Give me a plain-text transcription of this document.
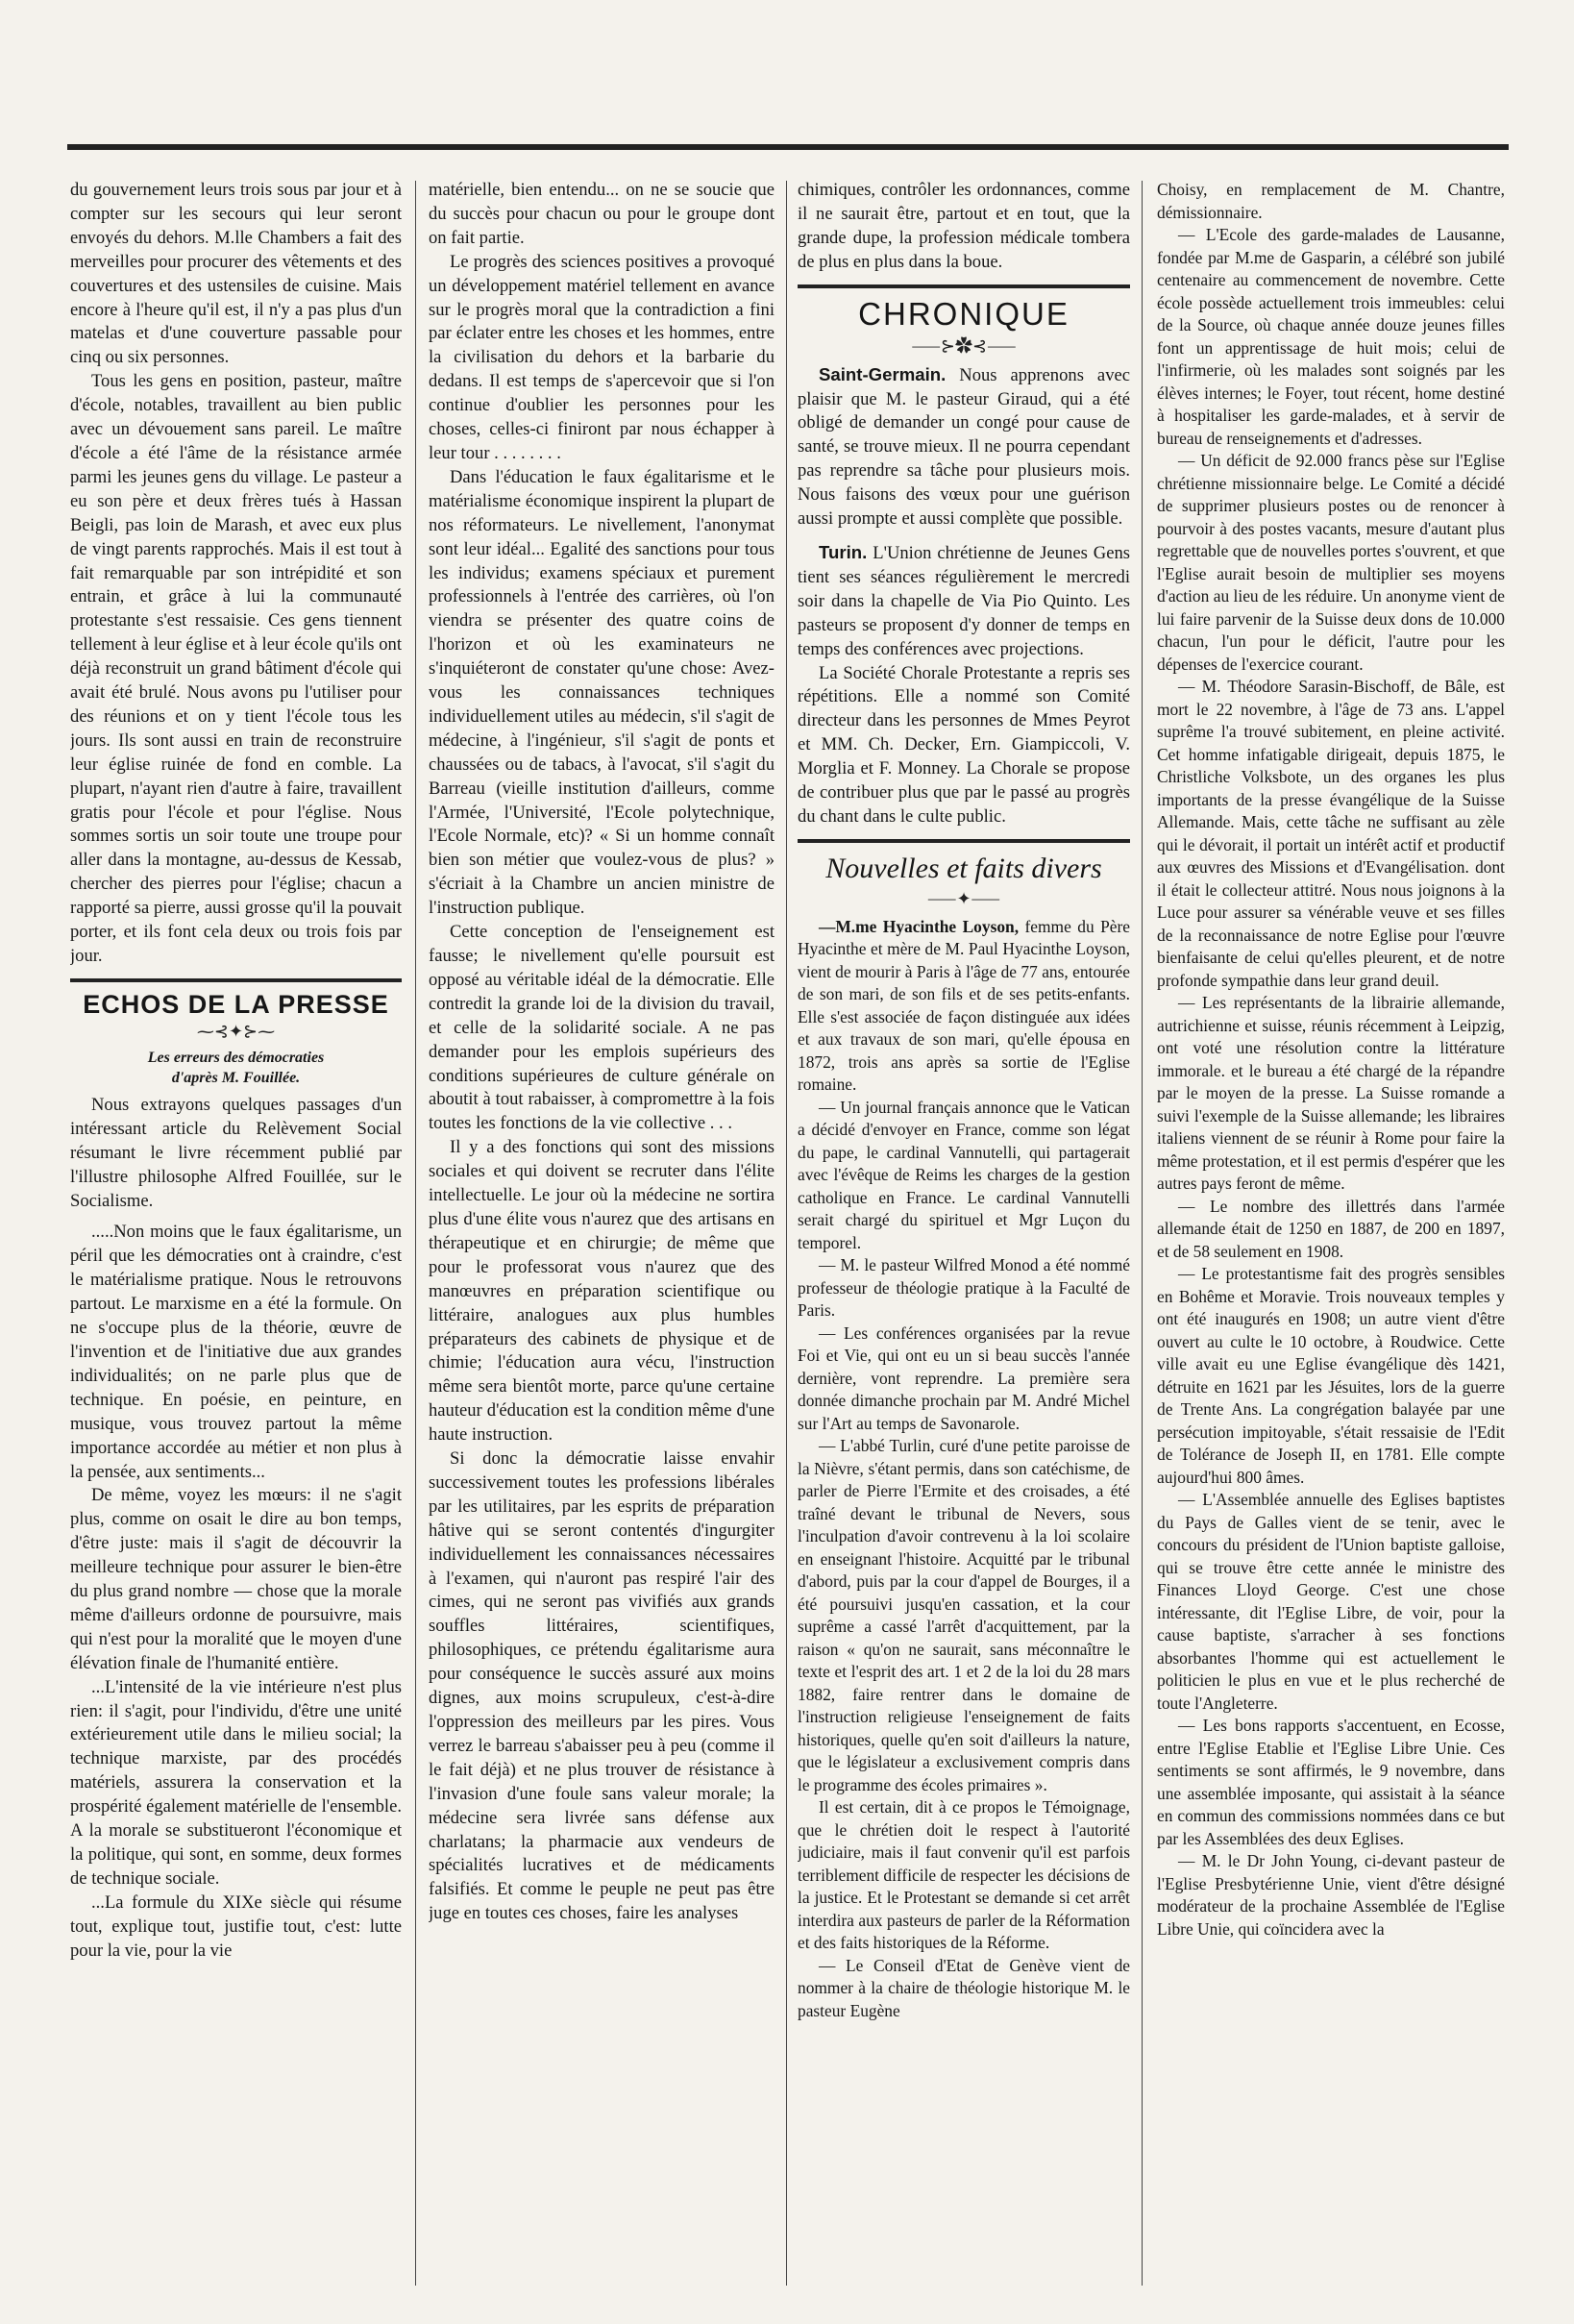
du gouvernement leurs trois sous par jour et à compter sur les secours qui leur seront envoyés du dehors. M.lle Chambers a fait des merveilles pour procurer des vêtements et des couvertures et des ustensiles de cuisine. Mais encore à l'heure qu'il est, il n'y a pas plus d'un matelas et d'une couverture passable pour cinq ou six personnes.

Tous les gens en position, pasteur, maître d'école, notables, travaillent au bien public avec un dévouement sans pareil. Le maître d'école a été l'âme de la résistance armée parmi les jeunes gens du village. Le pasteur a eu son père et deux frères tués à Hassan Beigli, pas loin de Marash, et avec eux plus de vingt parents rapprochés. Mais il est tout à fait remarquable par son intrépidité et son entrain, et grâce à lui la communauté protestante s'est ressaisie. Ces gens tiennent tellement à leur église et à leur école qu'ils ont déjà reconstruit un grand bâtiment d'école qui avait été brulé. Nous avons pu l'utiliser pour des réunions et on y tient l'école tous les jours. Ils sont aussi en train de reconstruire leur église ruinée de fond en comble. La plupart, n'ayant rien d'autre à faire, travaillent gratis pour l'école et pour l'église. Nous sommes sortis un soir toute une troupe pour aller dans la montagne, au-dessus de Kessab, chercher des pierres pour l'église; chacun a rapporté sa pierre, aussi grosse qu'il la pouvait porter, et ils font cela deux ou trois fois par jour.

ECHOS DE LA PRESSE
⁓⊰✦⊱⁓
Les erreurs des démocraties
d'après M. Fouillée.

Nous extrayons quelques passages d'un intéressant article du Relèvement Social résumant le livre récemment publié par l'illustre philosophe Alfred Fouillée, sur le Socialisme.

.....Non moins que le faux égalitarisme, un péril que les démocraties ont à craindre, c'est le matérialisme pratique. Nous le retrouvons partout. Le marxisme en a été la formule. On ne s'occupe plus de la théorie, œuvre de l'invention et de l'initiative due aux grandes individualités; on ne parle plus que de technique. En poésie, en peinture, en musique, vous trouvez partout la même importance accordée au métier et non plus à la pensée, aux sentiments...

De même, voyez les mœurs: il ne s'agit plus, comme on osait le dire au bon temps, d'être juste: mais il s'agit de découvrir la meilleure technique pour assurer le bien-être du plus grand nombre — chose que la morale même d'ailleurs ordonne de poursuivre, mais qui n'est pour la moralité que le moyen d'une élévation finale de l'humanité entière.

...L'intensité de la vie intérieure n'est plus rien: il s'agit, pour l'individu, d'être une unité extérieurement utile dans le milieu social; la technique marxiste, par des procédés matériels, assurera la conservation et la prospérité également matérielle de l'ensemble. A la morale se substitueront l'économique et la politique, qui sont, en somme, deux formes de technique sociale.

...La formule du XIXe siècle qui résume tout, explique tout, justifie tout, c'est: lutte pour la vie, pour la vie

matérielle, bien entendu... on ne se soucie que du succès pour chacun ou pour le groupe dont on fait partie.

Le progrès des sciences positives a provoqué un développement matériel tellement en avance sur le progrès moral que la contradiction a fini par éclater entre les choses et les hommes, entre la civilisation du dehors et la barbarie du dedans. Il est temps de s'apercevoir que si l'on continue d'oublier les personnes pour les choses, celles-ci finiront par nous échapper à leur tour . . . . . . . .

Dans l'éducation le faux égalitarisme et le matérialisme économique inspirent la plupart de nos réformateurs. Le nivellement, l'anonymat sont leur idéal... Egalité des sanctions pour tous les individus; examens spéciaux et purement professionnels à l'entrée des carrières, où l'on viendra se présenter des quatre coins de l'horizon et où les examinateurs ne s'inquiéteront de constater qu'une chose: Avez-vous les connaissances techniques individuellement utiles au médecin, s'il s'agit de médecine, à l'ingénieur, s'il s'agit de ponts et chaussées ou de tabacs, à l'avocat, s'il s'agit du Barreau (vieille institution d'ailleurs, comme l'Armée, l'Université, l'Ecole polytechnique, l'Ecole Normale, etc)? « Si un homme connaît bien son métier que voulez-vous de plus? » s'écriait à la Chambre un ancien ministre de l'instruction publique.

Cette conception de l'enseignement est fausse; le nivellement qu'elle poursuit est opposé au véritable idéal de la démocratie. Elle contredit la grande loi de la division du travail, et celle de la solidarité sociale. A ne pas demander pour les emplois supérieurs des conditions supérieures de culture générale on aboutit à tout rabaisser, à compromettre à la fois toutes les fonctions de la vie collective . . .

Il y a des fonctions qui sont des missions sociales et qui doivent se recruter dans l'élite intellectuelle. Le jour où la médecine ne sortira plus d'une élite vous n'aurez que des artisans en thérapeutique et en chirurgie; de même que pour le professorat vous n'aurez que des manœuvres en préparation scientifique ou littéraire, analogues aux plus humbles préparateurs des cabinets de physique et de chimie; l'éducation aura vécu, l'instruction même sera bientôt morte, parce qu'une certaine hauteur d'éducation est la condition même d'une haute instruction.

Si donc la démocratie laisse envahir successivement toutes les professions libérales par les utilitaires, par les esprits de préparation hâtive qui se seront contentés d'ingurgiter individuellement les connaissances nécessaires à l'examen, qui n'auront pas respiré l'air des cimes, qui ne seront pas vivifiés aux grands souffles littéraires, scientifiques, philosophiques, ce prétendu égalitarisme aura pour conséquence le succès assuré aux moins dignes, aux moins scrupuleux, c'est-à-dire l'oppression des meilleurs par les pires. Vous verrez le barreau s'abaisser peu à peu (comme il le fait déjà) et ne plus trouver de résistance à l'invasion d'une foule sans valeur morale; la médecine sera livrée sans défense aux charlatans; la pharmacie aux vendeurs de spécialités lucratives et de médicaments falsifiés. Et comme le peuple ne peut pas être juge en toutes ces choses, faire les analyses

chimiques, contrôler les ordonnances, comme il ne saurait être, partout et en tout, que la grande dupe, la profession médicale tombera de plus en plus dans la boue.

CHRONIQUE
⸺⊱✿⊰⸺

Saint-Germain. Nous apprenons avec plaisir que M. le pasteur Giraud, qui a été obligé de demander un congé pour cause de santé, se trouve mieux. Il ne pourra cependant pas reprendre sa tâche pour plusieurs mois. Nous faisons des vœux pour une guérison aussi prompte et aussi complète que possible.

Turin. L'Union chrétienne de Jeunes Gens tient ses séances régulièrement le mercredi soir dans la chapelle de Via Pio Quinto. Les pasteurs se proposent d'y donner de temps en temps des conférences avec projections.

La Société Chorale Protestante a repris ses répétitions. Elle a nommé son Comité directeur dans les personnes de Mmes Peyrot et MM. Ch. Decker, Ern. Giampiccoli, V. Morglia et F. Monney. La Chorale se propose de contribuer plus que par le passé au progrès du chant dans le culte public.

Nouvelles et faits divers
⸺✦⸺

—M.me Hyacinthe Loyson, femme du Père Hyacinthe et mère de M. Paul Hyacinthe Loyson, vient de mourir à Paris à l'âge de 77 ans, entourée de son mari, de son fils et de ses petits-enfants. Elle s'est associée de façon distinguée aux idées et aux travaux de son mari, qu'elle épousa en 1872, trois ans après sa sortie de l'Eglise romaine.

— Un journal français annonce que le Vatican a décidé d'envoyer en France, comme son légat du pape, le cardinal Vannutelli, qui partagerait avec l'évêque de Reims les charges de la gestion catholique en France. Le cardinal Vannutelli serait chargé du spirituel et Mgr Luçon du temporel.

— M. le pasteur Wilfred Monod a été nommé professeur de théologie pratique à la Faculté de Paris.

— Les conférences organisées par la revue Foi et Vie, qui ont eu un si beau succès l'année dernière, vont reprendre. La première sera donnée dimanche prochain par M. André Michel sur l'Art au temps de Savonarole.

— L'abbé Turlin, curé d'une petite paroisse de la Nièvre, s'étant permis, dans son catéchisme, de parler de Pierre l'Ermite et des croisades, a été traîné devant le tribunal de Nevers, sous l'inculpation d'avoir contrevenu à la loi scolaire en enseignant l'histoire. Acquitté par le tribunal d'abord, puis par la cour d'appel de Bourges, il a été poursuivi jusqu'en cassation, et la cour suprême a cassé l'arrêt d'acquittement, par la raison « qu'on ne saurait, sans méconnaître le texte et l'esprit des art. 1 et 2 de la loi du 28 mars 1882, faire rentrer dans le domaine de l'instruction religieuse l'enseignement de faits historiques, quelle qu'en soit d'ailleurs la nature, que le législateur a exclusivement compris dans le programme des écoles primaires ».

Il est certain, dit à ce propos le Témoignage, que le chrétien doit le respect à l'autorité judiciaire, mais il faut convenir qu'il est parfois terriblement difficile de respecter les décisions de la justice. Et le Protestant se demande si cet arrêt interdira aux pasteurs de parler de la Réformation et des faits historiques de la Réforme.

— Le Conseil d'Etat de Genève vient de nommer à la chaire de théologie historique M. le pasteur Eugène

Choisy, en remplacement de M. Chantre, démissionnaire.

— L'Ecole des garde-malades de Lausanne, fondée par M.me de Gasparin, a célébré son jubilé centenaire au commencement de novembre. Cette école possède actuellement trois immeubles: celui de la Source, où chaque année douze jeunes filles font un apprentissage de huit mois; celui de l'infirmerie, où les malades sont soignés par les élèves internes; le Foyer, tout récent, home destiné à hospitaliser les garde-malades, et à servir de bureau de renseignements et d'adresses.

— Un déficit de 92.000 francs pèse sur l'Eglise chrétienne missionnaire belge. Le Comité a décidé de supprimer plusieurs postes ou de renoncer à pourvoir à des postes vacants, mesure d'autant plus regrettable que de nouvelles portes s'ouvrent, et que l'Eglise aurait besoin de multiplier ses moyens d'action au lieu de les réduire. Un anonyme vient de lui faire parvenir de la Suisse deux dons de 10.000 chacun, l'un pour le déficit, l'autre pour les dépenses de l'exercice courant.

— M. Théodore Sarasin-Bischoff, de Bâle, est mort le 22 novembre, à l'âge de 73 ans. L'appel suprême l'a trouvé subitement, en pleine activité. Cet homme infatigable dirigeait, depuis 1875, le Christliche Volksbote, un des organes les plus importants de la presse évangélique de la Suisse Allemande. Mais, cette tâche ne suffisant au zèle qui le dévorait, il portait un intérêt actif et productif aux œuvres des Missions et d'Evangélisation. dont il était le collecteur attitré. Nous nous joignons à la Luce pour assurer sa vénérable veuve et ses filles de la reconnaissance de notre Eglise pour l'œuvre bienfaisante de celui qu'elles pleurent, et de notre profonde sympathie dans leur grand deuil.

— Les représentants de la librairie allemande, autrichienne et suisse, réunis récemment à Leipzig, ont voté une résolution contre la littérature immorale. et le bureau a été chargé de la répandre par le moyen de la presse. La Suisse romande a suivi l'exemple de la Suisse allemande; les libraires italiens viennent de se réunir à Rome pour faire la même protestation, et il est permis d'espérer que les autres pays feront de même.

— Le nombre des illettrés dans l'armée allemande était de 1250 en 1887, de 200 en 1897, et de 58 seulement en 1908.

— Le protestantisme fait des progrès sensibles en Bohême et Moravie. Trois nouveaux temples y ont été inaugurés en 1908; un autre vient d'être ouvert au culte le 10 octobre, à Roudwice. Cette ville avait eu une Eglise évangélique dès 1421, détruite en 1621 par les Jésuites, lors de la guerre de Trente Ans. La congrégation balayée par une persécution impitoyable, s'était ressaisie de l'Edit de Tolérance de Joseph II, en 1781. Elle compte aujourd'hui 800 âmes.

— L'Assemblée annuelle des Eglises baptistes du Pays de Galles vient de se tenir, avec le concours du président de l'Union baptiste galloise, qui se trouve être cette année le ministre des Finances Lloyd George. C'est une chose intéressante, dit l'Eglise Libre, de voir, pour la cause baptiste, s'arracher à ses fonctions absorbantes l'homme qui est actuellement le politicien le plus en vue et le plus recherché de toute l'Angleterre.

— Les bons rapports s'accentuent, en Ecosse, entre l'Eglise Etablie et l'Eglise Libre Unie. Ces sentiments se sont affirmés, le 9 novembre, dans une assemblée imposante, qui assistait à la séance en commun des commissions nommées dans ce but par les Assemblées des deux Eglises.

— M. le Dr John Young, ci-devant pasteur de l'Eglise Presbytérienne Unie, vient d'être désigné modérateur de la prochaine Assemblée de l'Eglise Libre Unie, qui coïncidera avec la
